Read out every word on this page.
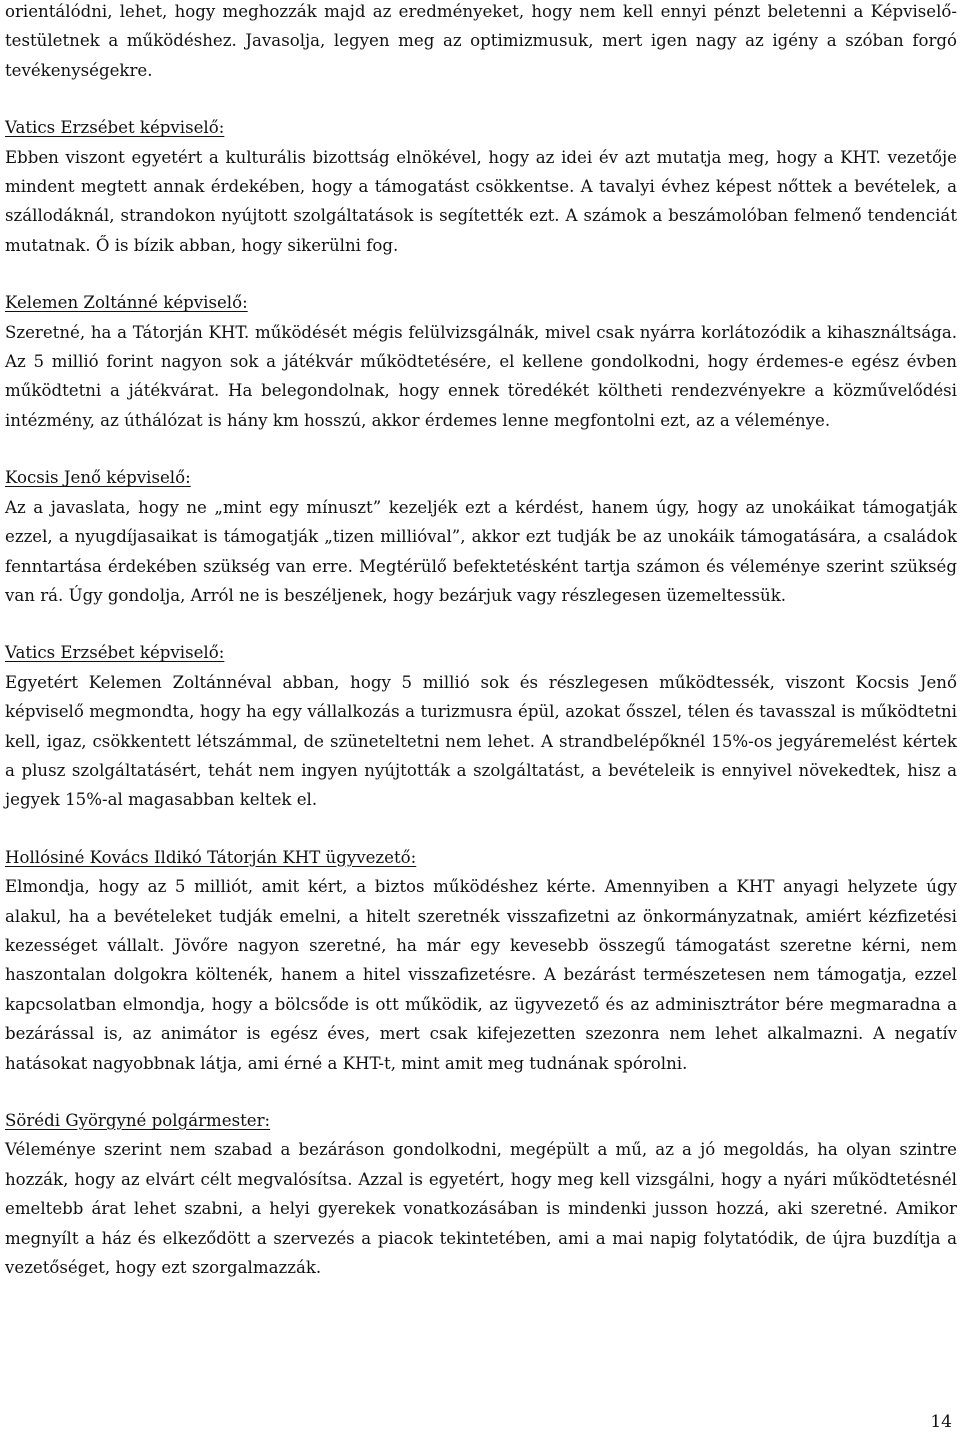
orientálódni, lehet, hogy meghozzák majd az eredményeket, hogy nem kell ennyi pénzt beletenni a Képviselő-testületnek a működéshez. Javasolja, legyen meg az optimizmusuk, mert igen nagy az igény a szóban forgó tevékenységekre.

Vatics Erzsébet képviselő:

Ebben viszont egyetért a kulturális bizottság elnökével, hogy az idei év azt mutatja meg, hogy a KHT. vezetője mindent megtett annak érdekében, hogy a támogatást csökkentse. A tavalyi évhez képest nőttek a bevételek, a szállodáknál, strandokon nyújtott szolgáltatások is segítették ezt. A számok a beszámolóban felmenő tendenciát mutatnak. Ő is bízik abban, hogy sikerülni fog.

Kelemen Zoltánné képviselő:

Szeretné, ha a Tátorján KHT. működését mégis felülvizsgálnák, mivel csak nyárra korlátozódik a kihasználtsága. Az 5 millió forint nagyon sok a játékvár működtetésére, el kellene gondolkodni, hogy érdemes-e egész évben működtetni a játékvárat. Ha belegondolnak, hogy ennek töredékét költheti rendezvényekre a közművelődési intézmény, az úthálózat is hány km hosszú, akkor érdemes lenne megfontolni ezt, az a véleménye.

Kocsis Jenő képviselő:

Az a javaslata, hogy ne „mint egy mínuszt” kezeljék ezt a kérdést, hanem úgy, hogy az unokáikat támogatják ezzel, a nyugdíjasaikat is támogatják „tizen millióval”, akkor ezt tudják be az unokáik támogatására, a családok fenntartása érdekében szükség van erre. Megtérülő befektetésként tartja számon és véleménye szerint szükség van rá. Úgy gondolja, Arról ne is beszéljenek, hogy bezárjuk vagy részlegesen üzemeltessük.

Vatics Erzsébet képviselő:

Egyetért Kelemen Zoltánnéval abban, hogy 5 millió sok és részlegesen működtessék, viszont Kocsis Jenő képviselő megmondta, hogy ha egy vállalkozás a turizmusra épül, azokat ősszel, télen és tavasszal is működtetni kell, igaz, csökkentett létszámmal, de szüneteltetni nem lehet. A strandbelépőknél 15%-os jegyáremelést kértek a plusz szolgáltatásért, tehát nem ingyen nyújtották a szolgáltatást, a bevételeik is ennyivel növekedtek, hisz a jegyek 15%-al magasabban keltek el.

Hollósiné Kovács Ildikó Tátorján KHT ügyvezető:

Elmondja, hogy az 5 milliót, amit kért, a biztos működéshez kérte. Amennyiben a KHT anyagi helyzete úgy alakul, ha a bevételeket tudják emelni, a hitelt szeretnék visszafizetni az önkormányzatnak, amiért kézfizetési kezességet vállalt. Jövőre nagyon szeretné, ha már egy kevesebb összegű támogatást szeretne kérni, nem haszontalan dolgokra költenék, hanem a hitel visszafizetésre. A bezárást természetesen nem támogatja, ezzel kapcsolatban elmondja, hogy a bölcsőde is ott működik, az ügyvezető és az adminisztrátor bére megmaradna a bezárással is, az animátor is egész éves, mert csak kifejezetten szezonra nem lehet alkalmazni. A negatív hatásokat nagyobbnak látja, ami érné a KHT-t, mint amit meg tudnának spórolni.

Sörédi Györgyné polgármester:

Véleménye szerint nem szabad a bezáráson gondolkodni, megépült a mű, az a jó megoldás, ha olyan szintre hozzák, hogy az elvárt célt megvalósítsa. Azzal is egyetért, hogy meg kell vizsgálni, hogy a nyári működtetésnél emeltebb árat lehet szabni, a helyi gyerekek vonatkozásában is mindenki jusson hozzá, aki szeretné. Amikor megnyílt a ház és elkeződött a szervezés a piacok tekintetében, ami a mai napig folytatódik, de újra buzdítja a vezetőséget, hogy ezt szorgalmazzák.

14
